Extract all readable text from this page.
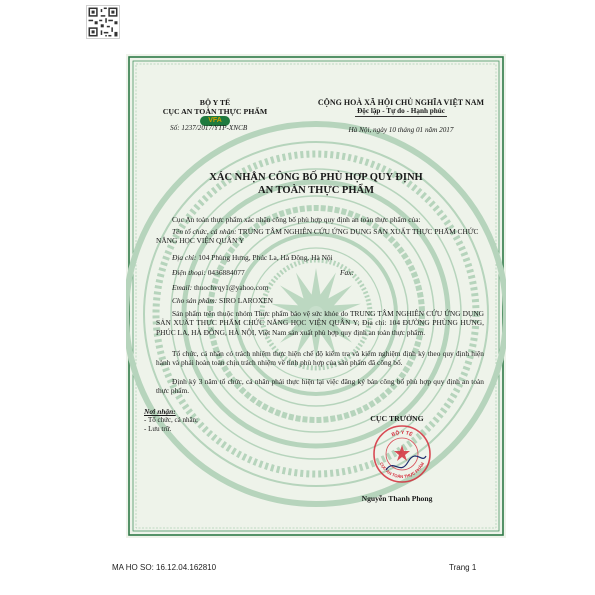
BỘ Y TẾ
CỤC AN TOÀN THỰC PHẨM
VFA
Số: 1237/2017/YTP-XNCB
CỘNG HOÀ XÃ HỘI CHỦ NGHĨA VIỆT NAM
Độc lập - Tự do - Hạnh phúc
Hà Nội, ngày 10 tháng 01 năm 2017
XÁC NHẬN CÔNG BỐ PHÙ HỢP QUY ĐỊNH
AN TOÀN THỰC PHẨM
Cục An toàn thực phẩm xác nhận công bố phù hợp quy định an toàn thực phẩm của:
Tên tổ chức, cá nhân: TRUNG TÂM NGHIÊN CỨU ỨNG DỤNG SẢN XUẤT THỰC PHẨM CHỨC NĂNG HỌC VIỆN QUÂN Y
Địa chỉ: 104 Phùng Hưng, Phúc La, Hà Đông, Hà Nội
Điện thoại: 0436884077	Fax:
Email: thuochvqy1@yahoo.com
Cho sản phẩm: SIRO LAROXEN
Sản phẩm trên thuộc nhóm Thực phẩm bảo vệ sức khỏe do TRUNG TÂM NGHIÊN CỨU ỨNG DỤNG SẢN XUẤT THỰC PHẨM CHỨC NĂNG HỌC VIỆN QUÂN Y; Địa chỉ: 104 ĐƯỜNG PHÙNG HƯNG, PHÚC LA, HÀ ĐÔNG, HÀ NỘI, Việt Nam sản xuất phù hợp quy định an toàn thực phẩm.
Tổ chức, cá nhân có trách nhiệm thực hiện chế độ kiểm tra và kiểm nghiệm định kỳ theo quy định hiện hành và phải hoàn toàn chịu trách nhiệm về tính phù hợp của sản phẩm đã công bố.
Định kỳ 3 năm tổ chức, cá nhân phải thực hiện lại việc đăng ký bản công bố phù hợp quy định an toàn thực phẩm.
Nơi nhận:
- Tổ chức, cá nhân;
- Lưu trữ.
CỤC TRƯỞNG
BỘ Y TẾ
CỤC AN TOÀN THỰC PHẨM
Nguyễn Thanh Phong
MA HO SO: 16.12.04.162810	Trang 1
